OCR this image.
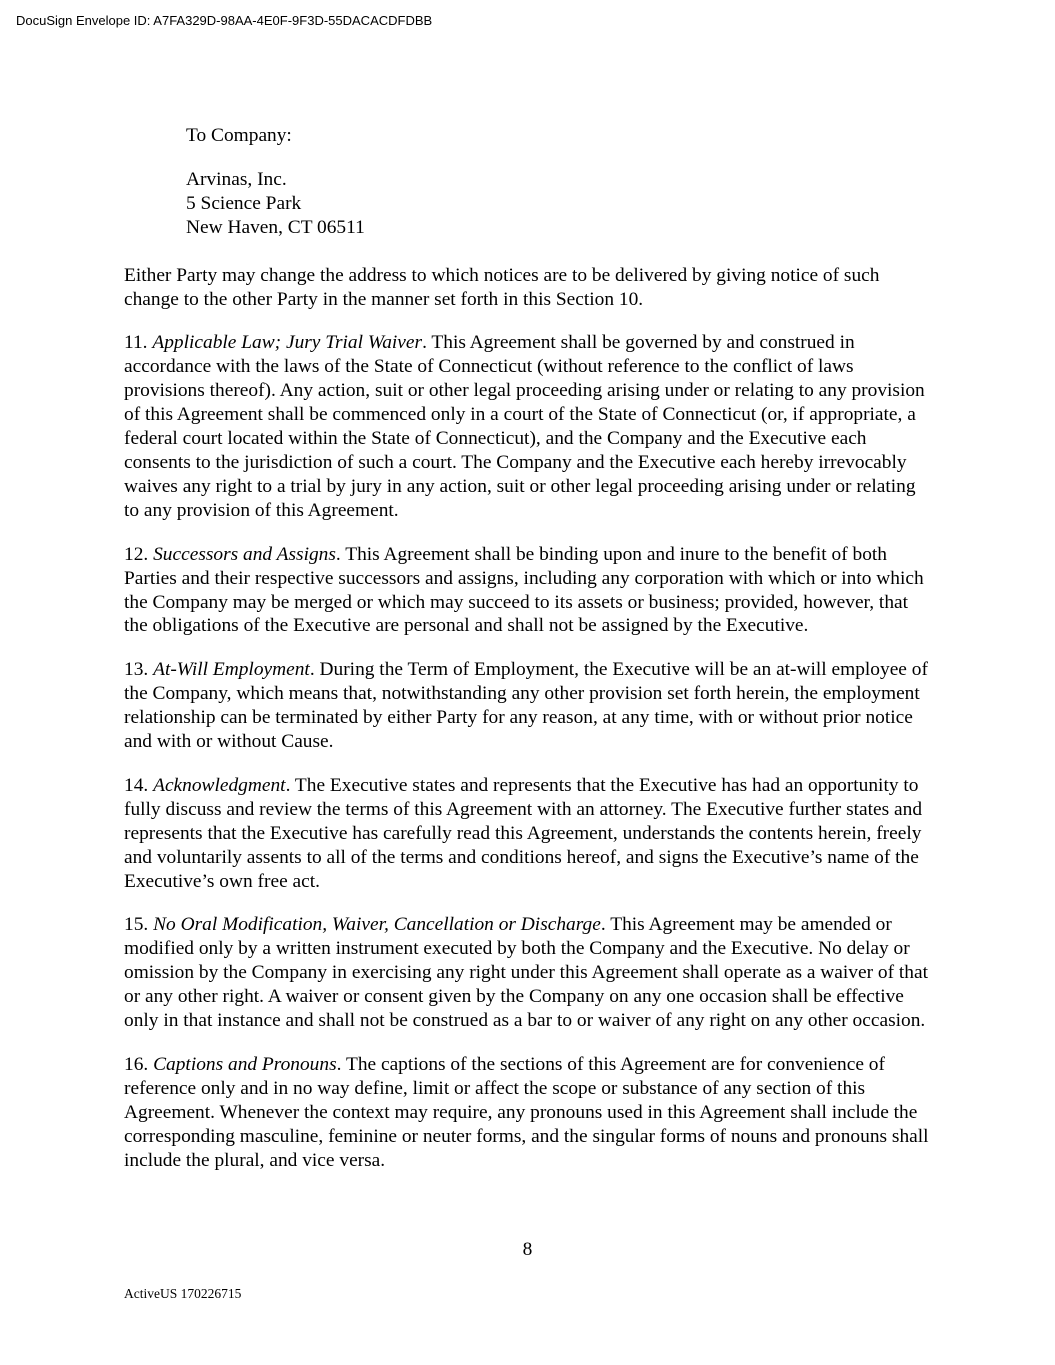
DocuSign Envelope ID: A7FA329D-98AA-4E0F-9F3D-55DACACDFDBB

To Company:

Arvinas, Inc.

5 Science Park

New Haven, CT 06511

Either Party may change the address to which notices are to be delivered by giving notice of such change to the other Party in the manner set forth in this Section 10.

11. Applicable Law; Jury Trial Waiver. This Agreement shall be governed by and construed in accordance with the laws of the State of Connecticut (without reference to the conflict of laws provisions thereof). Any action, suit or other legal proceeding arising under or relating to any provision of this Agreement shall be commenced only in a court of the State of Connecticut (or, if appropriate, a federal court located within the State of Connecticut), and the Company and the Executive each consents to the jurisdiction of such a court. The Company and the Executive each hereby irrevocably waives any right to a trial by jury in any action, suit or other legal proceeding arising under or relating to any provision of this Agreement.

12. Successors and Assigns. This Agreement shall be binding upon and inure to the benefit of both Parties and their respective successors and assigns, including any corporation with which or into which the Company may be merged or which may succeed to its assets or business; provided, however, that the obligations of the Executive are personal and shall not be assigned by the Executive.

13. At-Will Employment. During the Term of Employment, the Executive will be an at-will employee of the Company, which means that, notwithstanding any other provision set forth herein, the employment relationship can be terminated by either Party for any reason, at any time, with or without prior notice and with or without Cause.

14. Acknowledgment. The Executive states and represents that the Executive has had an opportunity to fully discuss and review the terms of this Agreement with an attorney. The Executive further states and represents that the Executive has carefully read this Agreement, understands the contents herein, freely and voluntarily assents to all of the terms and conditions hereof, and signs the Executive’s name of the Executive’s own free act.

15. No Oral Modification, Waiver, Cancellation or Discharge. This Agreement may be amended or modified only by a written instrument executed by both the Company and the Executive. No delay or omission by the Company in exercising any right under this Agreement shall operate as a waiver of that or any other right. A waiver or consent given by the Company on any one occasion shall be effective only in that instance and shall not be construed as a bar to or waiver of any right on any other occasion.

16. Captions and Pronouns. The captions of the sections of this Agreement are for convenience of reference only and in no way define, limit or affect the scope or substance of any section of this Agreement. Whenever the context may require, any pronouns used in this Agreement shall include the corresponding masculine, feminine or neuter forms, and the singular forms of nouns and pronouns shall include the plural, and vice versa.

8
ActiveUS 170226715
